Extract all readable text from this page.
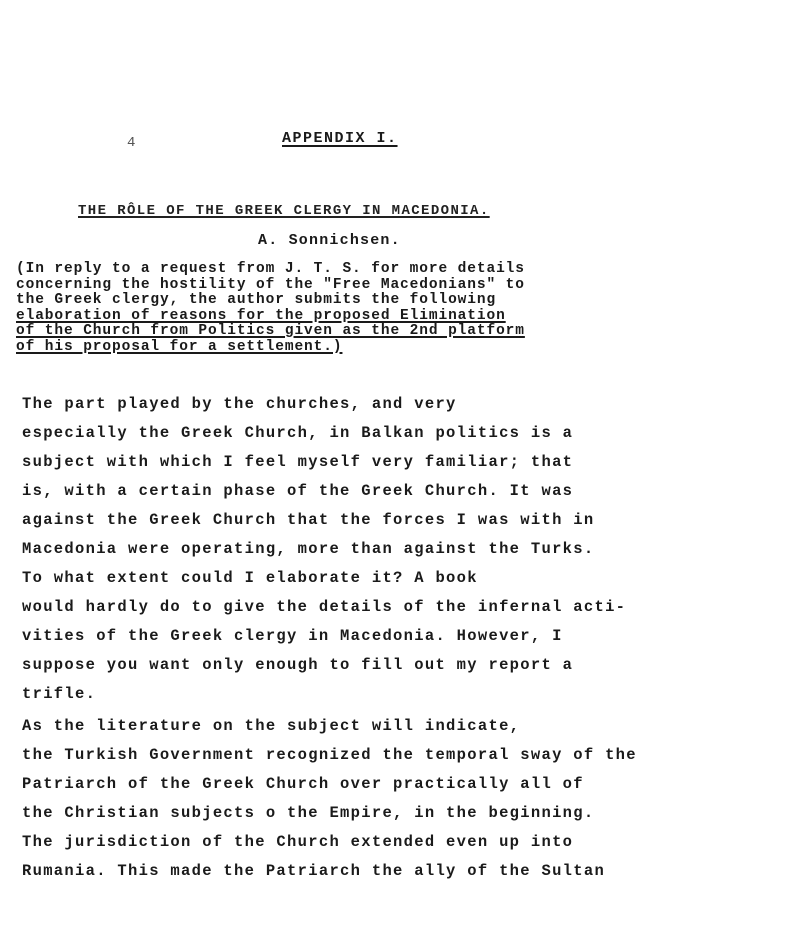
4	APPENDIX I.
THE RÔLE OF THE GREEK CLERGY IN MACEDONIA.
A. Sonnichsen.
(In reply to a request from J. T. S. for more details
concerning the hostility of the "Free Macedonians" to
the Greek clergy, the author submits the following
elaboration of reasons for the proposed Elimination
of the Church from Politics given as the 2nd platform
of his proposal for a settlement.)
The part played by the churches, and very
especially the Greek Church, in Balkan politics is a
subject with which I feel myself very familiar; that
is, with a certain phase of the Greek Church. It was
against the Greek Church that the forces I was with in
Macedonia were operating, more than against the Turks.
To what extent could I elaborate it? A book
would hardly do to give the details of the infernal acti-
vities of the Greek clergy in Macedonia. However, I
suppose you want only enough to fill out my report a
trifle.
As the literature on the subject will indicate,
the Turkish Government recognized the temporal sway of the
Patriarch of the Greek Church over practically all of
the Christian subjects o the Empire, in the beginning.
The jurisdiction of the Church extended even up into
Rumania. This made the Patriarch the ally of the Sultan
